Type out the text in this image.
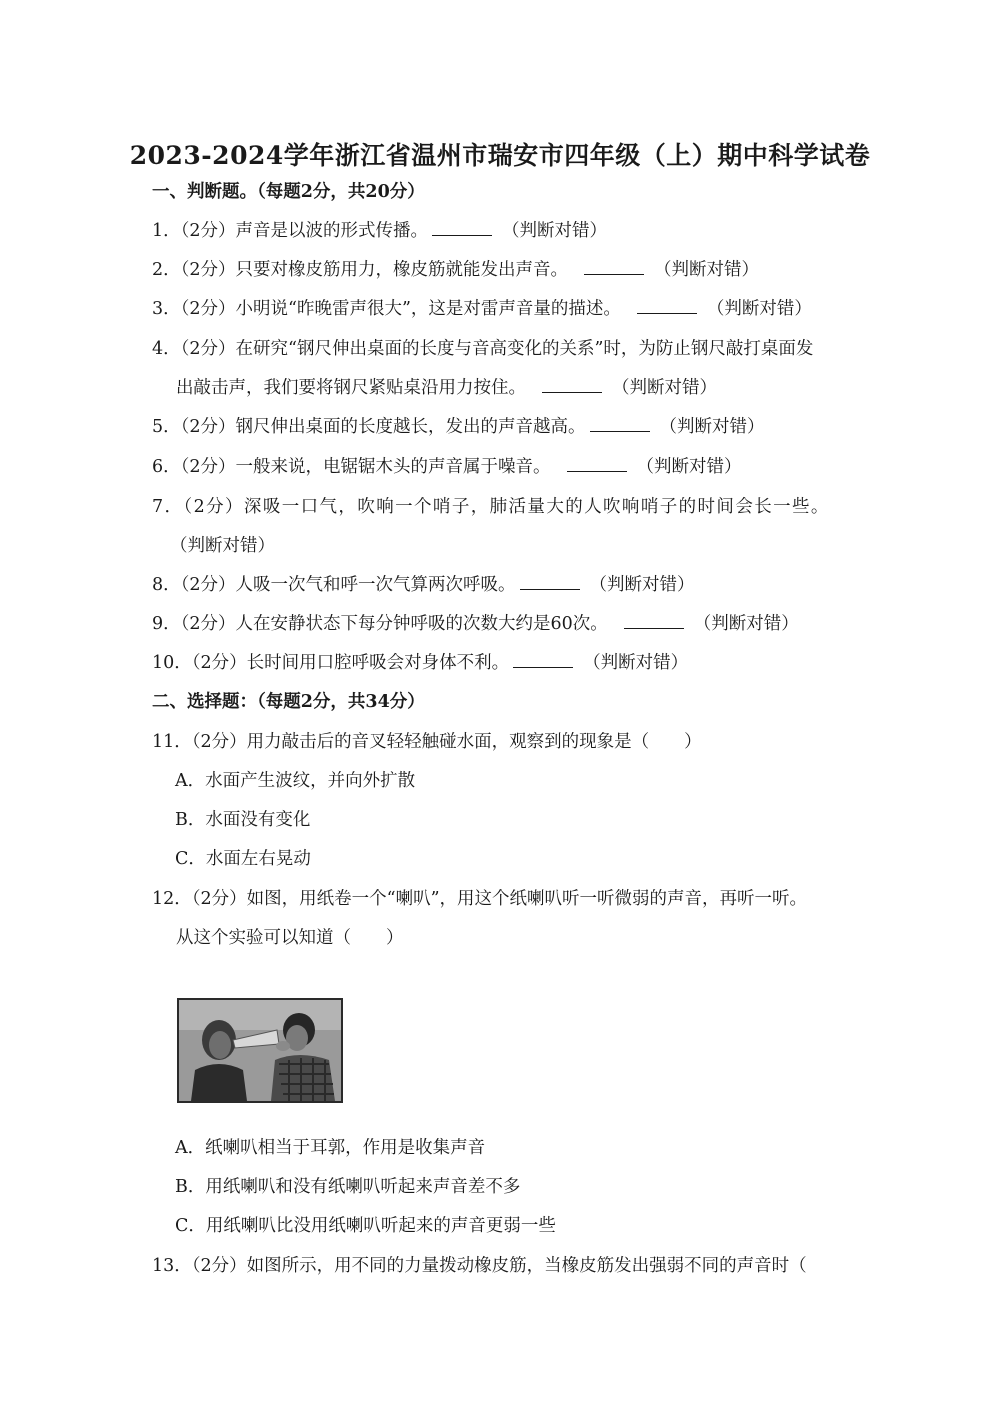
2023-2024学年浙江省温州市瑞安市四年级（上）期中科学试卷
一、判断题。（每题2分，共20分）
1．（2分）声音是以波的形式传播。	（判断对错）
2．（2分）只要对橡皮筋用力，橡皮筋就能发出声音。	（判断对错）
3．（2分）小明说“昨晚雷声很大”，这是对雷声音量的描述。	（判断对错）
4．（2分）在研究“钢尺伸出桌面的长度与音高变化的关系”时，为防止钢尺敲打桌面发
出敲击声，我们要将钢尺紧贴桌沿用力按住。	（判断对错）
5．（2分）钢尺伸出桌面的长度越长，发出的声音越高。	（判断对错）
6．（2分）一般来说，电锯锯木头的声音属于噪音。	（判断对错）
7．（2分）深吸一口气，吹响一个哨子，肺活量大的人吹响哨子的时间会长一些。
（判断对错）
8．（2分）人吸一次气和呼一次气算两次呼吸。	（判断对错）
9．（2分）人在安静状态下每分钟呼吸的次数大约是60次。	（判断对错）
10．（2分）长时间用口腔呼吸会对身体不利。	（判断对错）
二、选择题：（每题2分，共34分）
11．（2分）用力敲击后的音叉轻轻触碰水面，观察到的现象是（　　）
A．水面产生波纹，并向外扩散
B．水面没有变化
C．水面左右晃动
12．（2分）如图，用纸卷一个“喇叭”，用这个纸喇叭听一听微弱的声音，再听一听。
从这个实验可以知道（　　）
A．纸喇叭相当于耳郭，作用是收集声音
B．用纸喇叭和没有纸喇叭听起来声音差不多
C．用纸喇叭比没用纸喇叭听起来的声音更弱一些
13．（2分）如图所示，用不同的力量拨动橡皮筋，当橡皮筋发出强弱不同的声音时（
